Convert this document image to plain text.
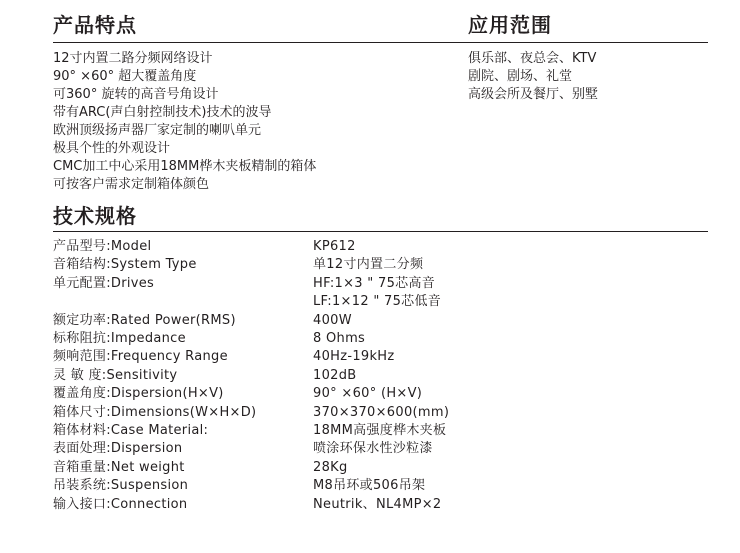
产品特点	应用范围
12寸内置二路分频网络设计
90° ×60° 超大覆盖角度
可360° 旋转的高音号角设计
带有ARC(声白射控制技术)技术的波导
欧洲顶级扬声器厂家定制的喇叭单元
极具个性的外观设计
CMC加工中心采用18MM桦木夹板精制的箱体
可按客户需求定制箱体颜色
俱乐部、夜总会、KTV
剧院、剧场、礼堂
高级会所及餐厅、别墅
技术规格
产品型号:Model	KP612
音箱结构:System Type	单12寸内置二分频
单元配置:Drives	HF:1×3 " 75芯高音
LF:1×12 " 75芯低音
额定功率:Rated Power(RMS)	400W
标称阻抗:Impedance	8 Ohms
频响范围:Frequency Range	40Hz-19kHz
灵 敏 度:Sensitivity	102dB
覆盖角度:Dispersion(H×V)	90° ×60° (H×V)
箱体尺寸:Dimensions(W×H×D)	370×370×600(mm)
箱体材料:Case Material:	18MM高强度桦木夹板
表面处理:Dispersion	喷涂环保水性沙粒漆
音箱重量:Net weight	28Kg
吊装系统:Suspension	M8吊环或506吊架
输入接口:Connection	Neutrik、NL4MP×2
